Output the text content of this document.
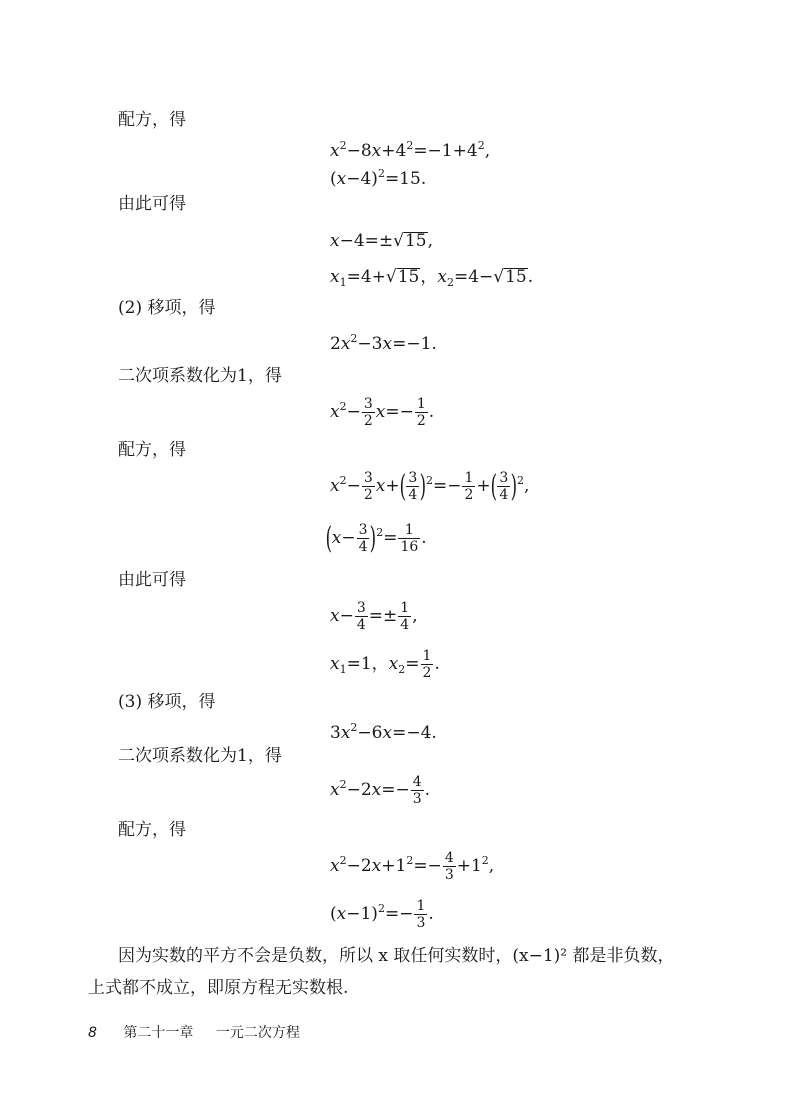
配方，得
$x^2-8x+4^2=-1+4^2$,
$(x-4)^2=15$.
由此可得
x−4=±√15,
$x_1=4+√15$，$x_2=4-√15$.
(2) 移项，得
$2x^2-3x=-1$.
二次项系数化为1，得
$x^2- \frac{3}{2} x=- \frac{1}{2}$ .
配方，得
$x^2- \frac{3}{2} x+( \frac{3}{4} )^2=- \frac{1}{2}$ +( $\frac{3}{4} )^2$,
$(x- \frac{3}{4} )^2= \frac{1}{16}$ .
由此可得
$x- \frac{3}{4} =\pm \frac{1}{4}$ ,
$x_1=1$，$x_2= \frac{1}{2}$ .
(3) 移项，得
$3x^2-6x=-4$.
二次项系数化为1，得
$x^2-2x=- \frac{4}{3}$ .
配方，得
$x^2-2x+1^2=- \frac{4}{3} +1^2$,
$(x-1)^2=- \frac{1}{3}$ .
因为实数的平方不会是负数，所以 x 取任何实数时，(x−1)² 都是非负数，上式都不成立，即原方程无实数根.
8 第二十一章 一元二次方程
